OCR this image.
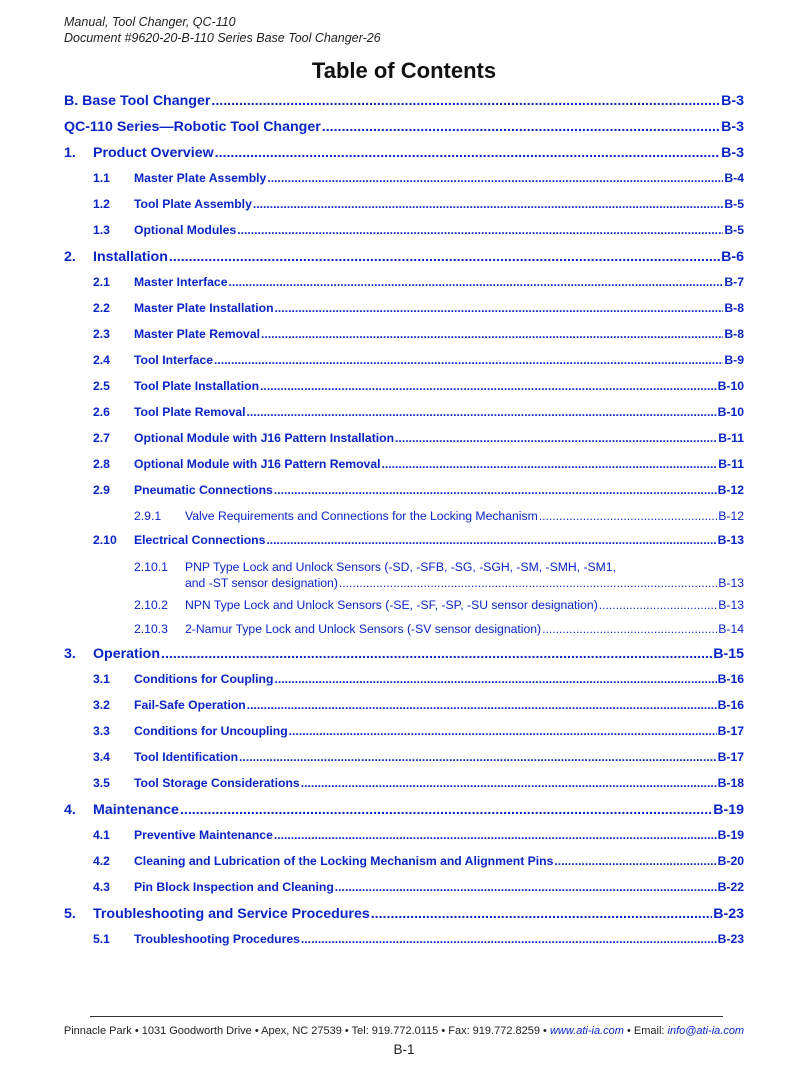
Manual, Tool Changer, QC-110
Document #9620-20-B-110 Series Base Tool Changer-26
Table of Contents
B. Base Tool Changer .....	B-3
QC-110 Series—Robotic Tool Changer .....	B-3
1.	Product Overview .....	B-3
1.1	Master Plate Assembly .....	B-4
1.2	Tool Plate Assembly .....	B-5
1.3	Optional Modules .....	B-5
2.	Installation .....	B-6
2.1	Master Interface .....	B-7
2.2	Master Plate Installation .....	B-8
2.3	Master Plate Removal .....	B-8
2.4	Tool Interface .....	B-9
2.5	Tool Plate Installation .....	B-10
2.6	Tool Plate Removal .....	B-10
2.7	Optional Module with J16 Pattern Installation .....	B-11
2.8	Optional Module with J16 Pattern Removal .....	B-11
2.9	Pneumatic Connections .....	B-12
2.9.1	Valve Requirements and Connections for the Locking Mechanism .....	B-12
2.10	Electrical Connections .....	B-13
2.10.1	PNP Type Lock and Unlock Sensors (-SD, -SFB, -SG, -SGH, -SM, -SMH, -SM1,
and -ST sensor designation) .....	B-13
2.10.2	NPN Type Lock and Unlock Sensors (-SE, -SF, -SP, -SU sensor designation) .....	B-13
2.10.3	2-Namur Type Lock and Unlock Sensors (-SV sensor designation) .....	B-14
3.	Operation .....	B-15
3.1	Conditions for Coupling .....	B-16
3.2	Fail-Safe Operation .....	B-16
3.3	Conditions for Uncoupling .....	B-17
3.4	Tool Identification .....	B-17
3.5	Tool Storage Considerations .....	B-18
4.	Maintenance .....	B-19
4.1	Preventive Maintenance .....	B-19
4.2	Cleaning and Lubrication of the Locking Mechanism and Alignment Pins .....	B-20
4.3	Pin Block Inspection and Cleaning .....	B-22
5.	Troubleshooting and Service Procedures .....	B-23
5.1	Troubleshooting Procedures .....	B-23
Pinnacle Park • 1031 Goodworth Drive • Apex, NC 27539 • Tel: 919.772.0115 • Fax: 919.772.8259 • www.ati-ia.com • Email: info@ati-ia.com
B-1
